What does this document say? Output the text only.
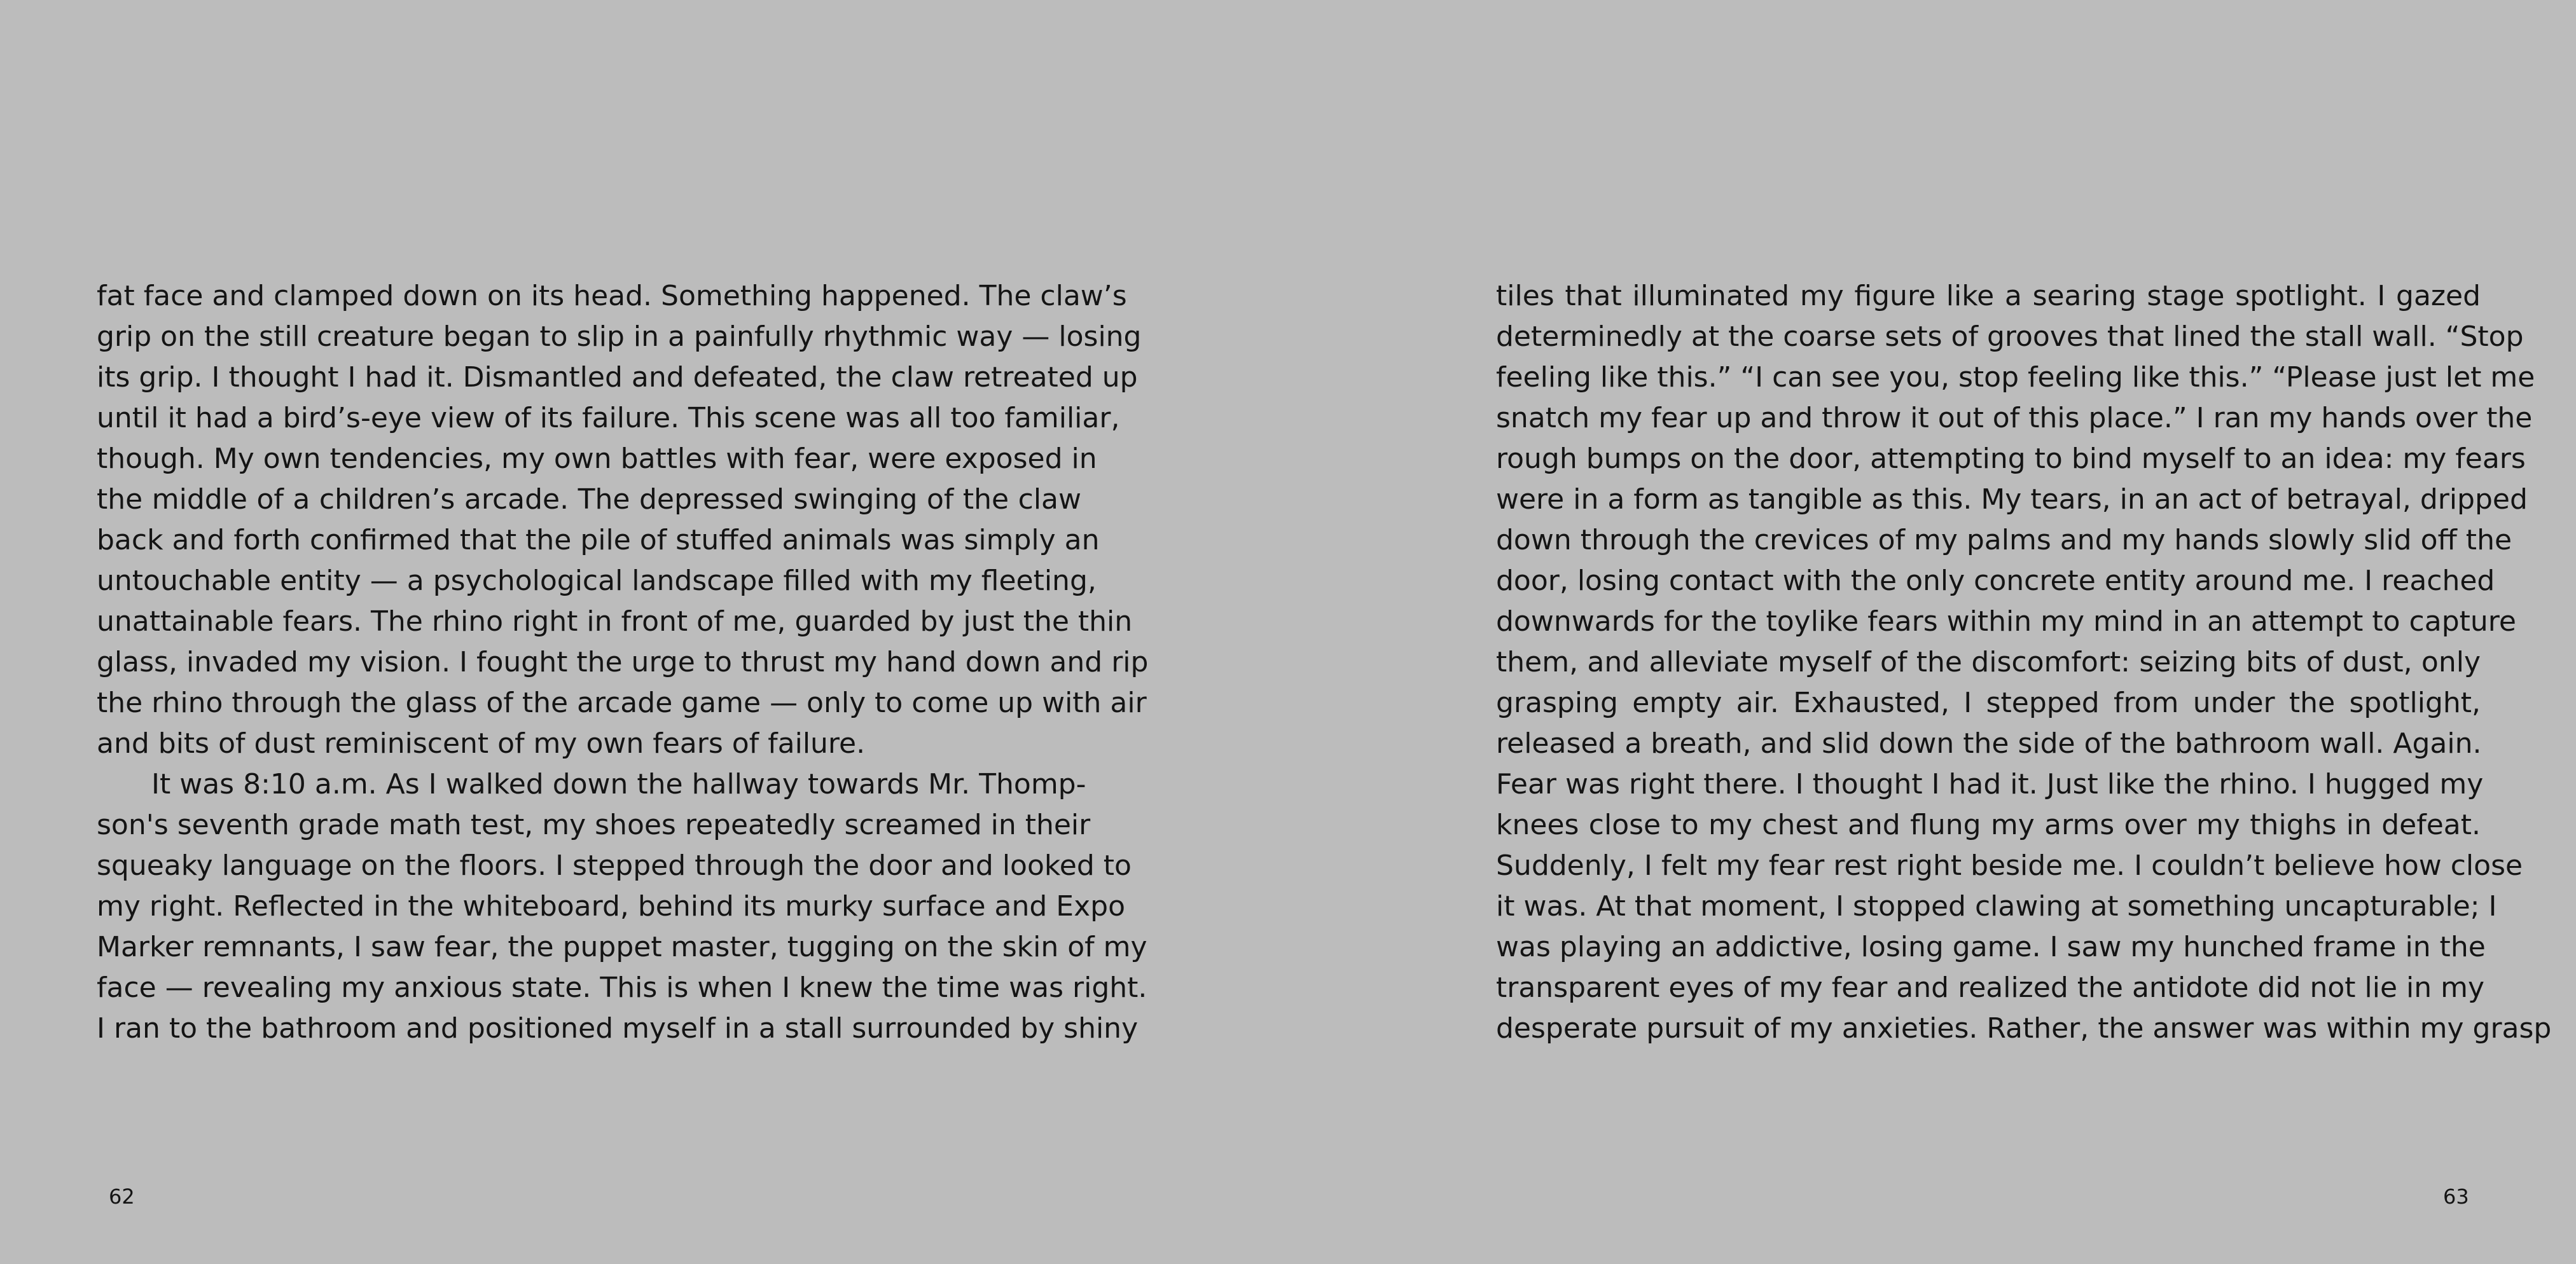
fat face and clamped down on its head. Something happened. The claw’s
grip on the still creature began to slip in a painfully rhythmic way — losing
its grip. I thought I had it. Dismantled and defeated, the claw retreated up
until it had a bird’s-eye view of its failure. This scene was all too familiar,
though. My own tendencies, my own battles with fear, were exposed in
the middle of a children’s arcade. The depressed swinging of the claw
back and forth confirmed that the pile of stuffed animals was simply an
untouchable entity — a psychological landscape filled with my fleeting,
unattainable fears. The rhino right in front of me, guarded by just the thin
glass, invaded my vision. I fought the urge to thrust my hand down and rip
the rhino through the glass of the arcade game — only to come up with air
and bits of dust reminiscent of my own fears of failure.
It was 8:10 a.m. As I walked down the hallway towards Mr. Thomp-
son's seventh grade math test, my shoes repeatedly screamed in their
squeaky language on the floors. I stepped through the door and looked to
my right. Reflected in the whiteboard, behind its murky surface and Expo
Marker remnants, I saw fear, the puppet master, tugging on the skin of my
face — revealing my anxious state. This is when I knew the time was right.
I ran to the bathroom and positioned myself in a stall surrounded by shiny
62
tiles that illuminated my figure like a searing stage spotlight. I gazed
determinedly at the coarse sets of grooves that lined the stall wall. “Stop
feeling like this.” “I can see you, stop feeling like this.” “Please just let me
snatch my fear up and throw it out of this place.” I ran my hands over the
rough bumps on the door, attempting to bind myself to an idea: my fears
were in a form as tangible as this. My tears, in an act of betrayal, dripped
down through the crevices of my palms and my hands slowly slid off the
door, losing contact with the only concrete entity around me. I reached
downwards for the toylike fears within my mind in an attempt to capture
them, and alleviate myself of the discomfort: seizing bits of dust, only
grasping empty air. Exhausted, I stepped from under the spotlight,
released a breath, and slid down the side of the bathroom wall. Again.
Fear was right there. I thought I had it. Just like the rhino. I hugged my
knees close to my chest and flung my arms over my thighs in defeat.
Suddenly, I felt my fear rest right beside me. I couldn’t believe how close
it was. At that moment, I stopped clawing at something uncapturable; I
was playing an addictive, losing game. I saw my hunched frame in the
transparent eyes of my fear and realized the antidote did not lie in my
desperate pursuit of my anxieties. Rather, the answer was within my grasp
63
